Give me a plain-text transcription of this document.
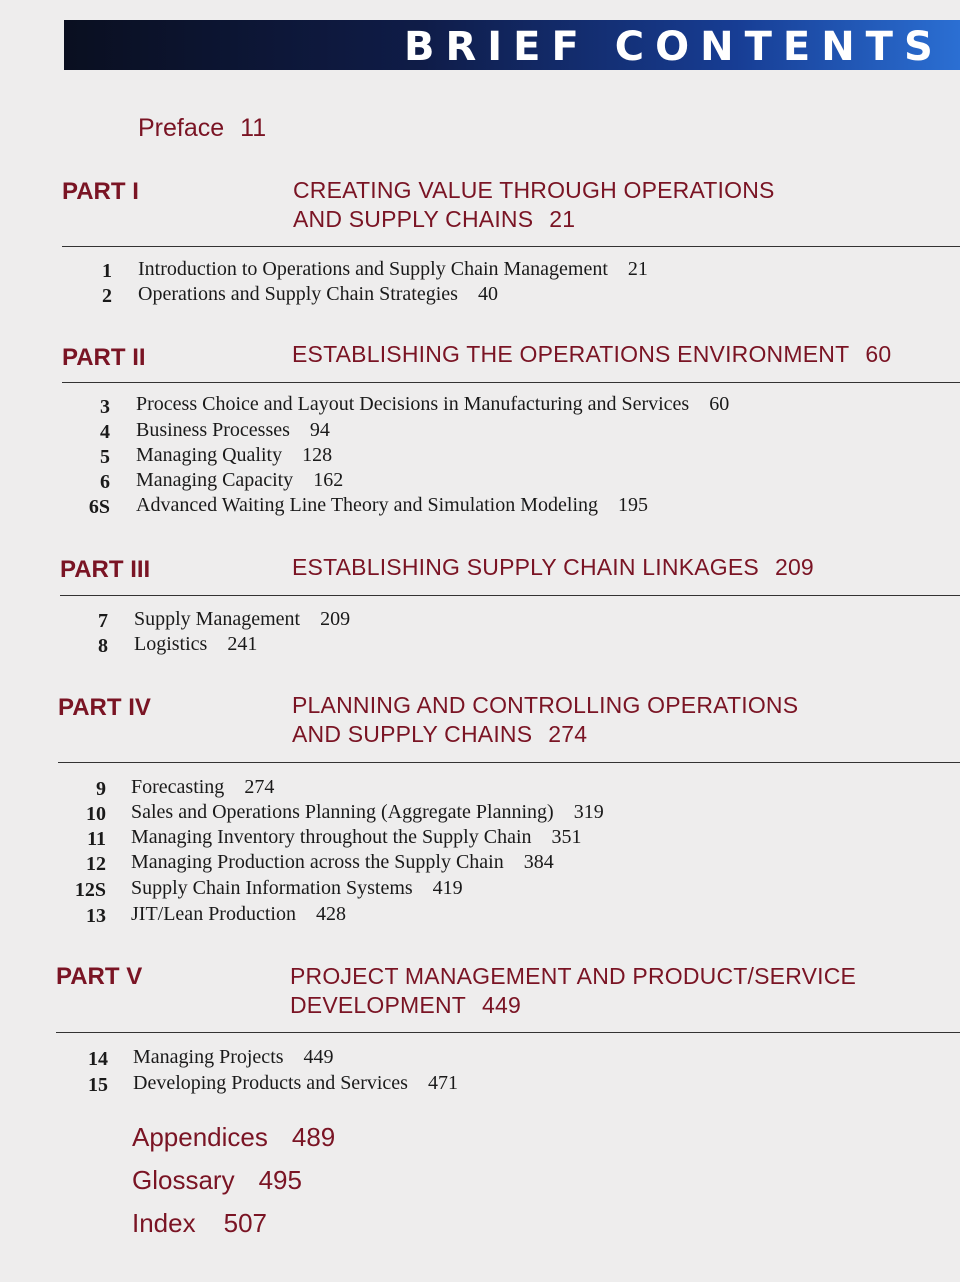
BRIEF CONTENTS
Preface 11
PART I	CREATING VALUE THROUGH OPERATIONS
AND SUPPLY CHAINS 21
1 Introduction to Operations and Supply Chain Management 21
2 Operations and Supply Chain Strategies 40
PART II	ESTABLISHING THE OPERATIONS ENVIRONMENT 60
3 Process Choice and Layout Decisions in Manufacturing and Services 60
4 Business Processes 94
5 Managing Quality 128
6 Managing Capacity 162
6S Advanced Waiting Line Theory and Simulation Modeling 195
PART III	ESTABLISHING SUPPLY CHAIN LINKAGES 209
7 Supply Management 209
8 Logistics 241
PART IV	PLANNING AND CONTROLLING OPERATIONS
AND SUPPLY CHAINS 274
9 Forecasting 274
10 Sales and Operations Planning (Aggregate Planning) 319
11 Managing Inventory throughout the Supply Chain 351
12 Managing Production across the Supply Chain 384
12S Supply Chain Information Systems 419
13 JIT/Lean Production 428
PART V	PROJECT MANAGEMENT AND PRODUCT/SERVICE
DEVELOPMENT 449
14 Managing Projects 449
15 Developing Products and Services 471
Appendices 489
Glossary 495
Index 507
